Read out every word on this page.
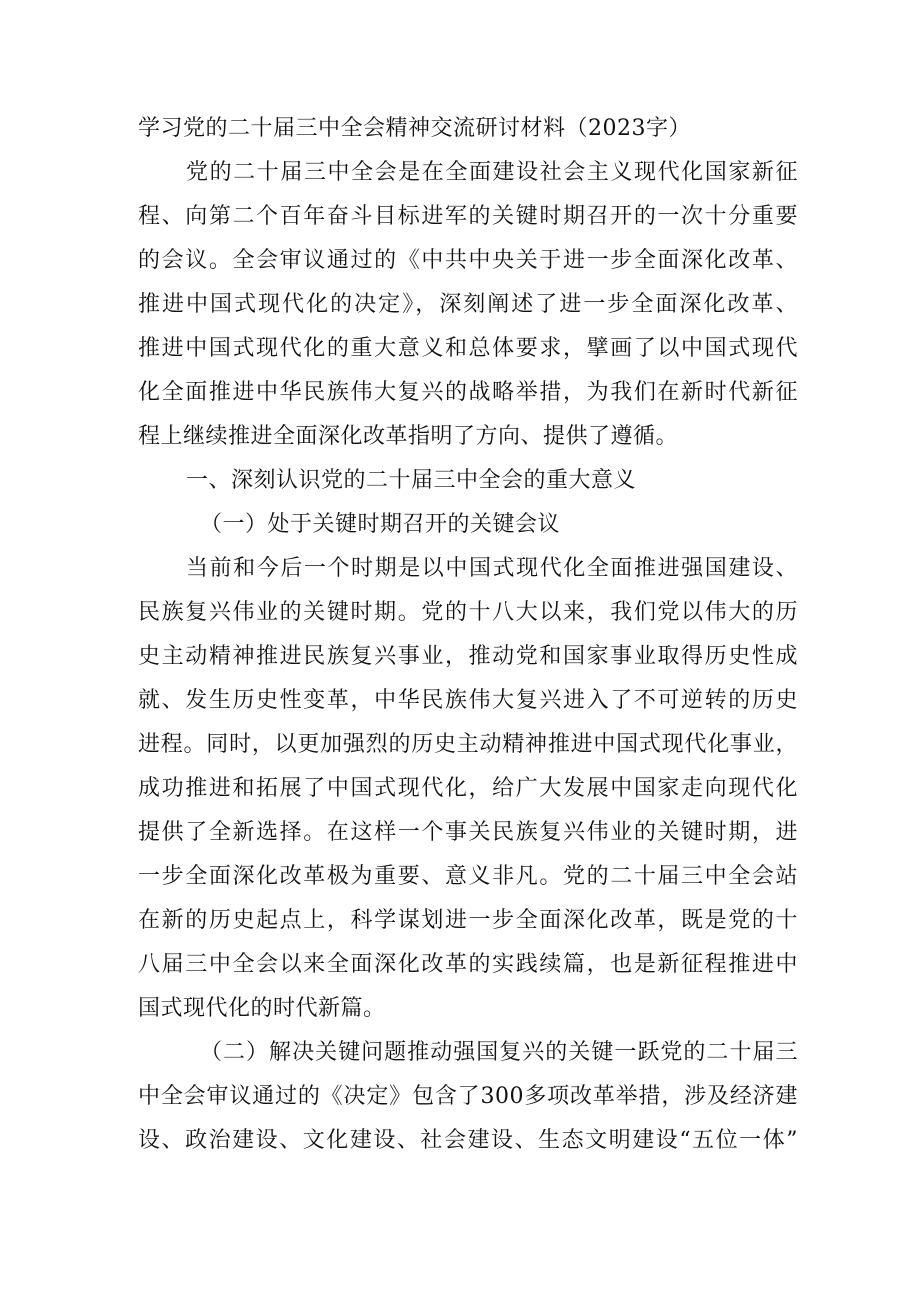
学习党的二十届三中全会精神交流研讨材料（2023字）
党的二十届三中全会是在全面建设社会主义现代化国家新征
程、向第二个百年奋斗目标进军的关键时期召开的一次十分重要
的会议。全会审议通过的《中共中央关于进一步全面深化改革、
推进中国式现代化的决定》，深刻阐述了进一步全面深化改革、
推进中国式现代化的重大意义和总体要求，擘画了以中国式现代
化全面推进中华民族伟大复兴的战略举措，为我们在新时代新征
程上继续推进全面深化改革指明了方向、提供了遵循。
一、深刻认识党的二十届三中全会的重大意义
（一）处于关键时期召开的关键会议
当前和今后一个时期是以中国式现代化全面推进强国建设、
民族复兴伟业的关键时期。党的十八大以来，我们党以伟大的历
史主动精神推进民族复兴事业，推动党和国家事业取得历史性成
就、发生历史性变革，中华民族伟大复兴进入了不可逆转的历史
进程。同时，以更加强烈的历史主动精神推进中国式现代化事业，
成功推进和拓展了中国式现代化，给广大发展中国家走向现代化
提供了全新选择。在这样一个事关民族复兴伟业的关键时期，进
一步全面深化改革极为重要、意义非凡。党的二十届三中全会站
在新的历史起点上，科学谋划进一步全面深化改革，既是党的十
八届三中全会以来全面深化改革的实践续篇，也是新征程推进中
国式现代化的时代新篇。
（二）解决关键问题推动强国复兴的关键一跃党的二十届三
中全会审议通过的《决定》包含了300多项改革举措，涉及经济建
设、政治建设、文化建设、社会建设、生态文明建设“五位一体”
